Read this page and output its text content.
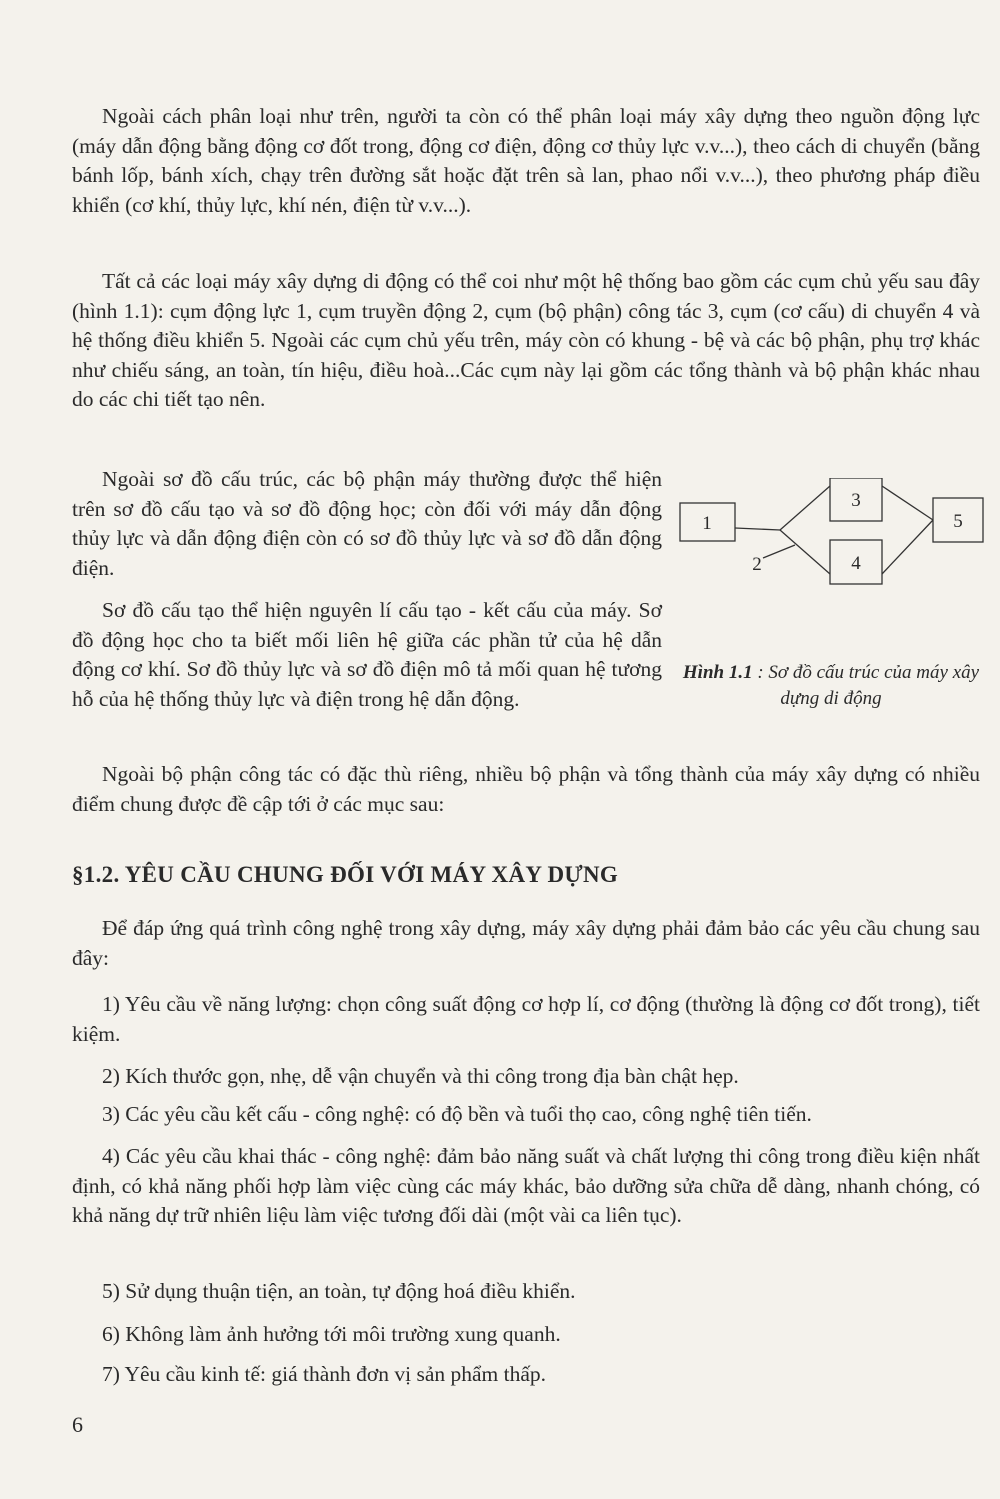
Ngoài cách phân loại như trên, người ta còn có thể phân loại máy xây dựng theo nguồn động lực (máy dẫn động bằng động cơ đốt trong, động cơ điện, động cơ thủy lực v.v...), theo cách di chuyển (bằng bánh lốp, bánh xích, chạy trên đường sắt hoặc đặt trên sà lan, phao nổi v.v...), theo phương pháp điều khiển (cơ khí, thủy lực, khí nén, điện từ v.v...).

Tất cả các loại máy xây dựng di động có thể coi như một hệ thống bao gồm các cụm chủ yếu sau đây (hình 1.1): cụm động lực 1, cụm truyền động 2, cụm (bộ phận) công tác 3, cụm (cơ cấu) di chuyển 4 và hệ thống điều khiển 5. Ngoài các cụm chủ yếu trên, máy còn có khung - bệ và các bộ phận, phụ trợ khác như chiếu sáng, an toàn, tín hiệu, điều hoà...Các cụm này lại gồm các tổng thành và bộ phận khác nhau do các chi tiết tạo nên.

Ngoài sơ đồ cấu trúc, các bộ phận máy thường được thể hiện trên sơ đồ cấu tạo và sơ đồ động học; còn đối với máy dẫn động thủy lực và dẫn động điện còn có sơ đồ thủy lực và sơ đồ dẫn động điện.

Sơ đồ cấu tạo thể hiện nguyên lí cấu tạo - kết cấu của máy. Sơ đồ động học cho ta biết mối liên hệ giữa các phần tử của hệ dẫn động cơ khí. Sơ đồ thủy lực và sơ đồ điện mô tả mối quan hệ tương hỗ của hệ thống thủy lực và điện trong hệ dẫn động.

1
3
4
5
2
Hình 1.1 : Sơ đồ cấu trúc của máy xây dựng di động

Ngoài bộ phận công tác có đặc thù riêng, nhiều bộ phận và tổng thành của máy xây dựng có nhiều điểm chung được đề cập tới ở các mục sau:

§1.2. YÊU CẦU CHUNG ĐỐI VỚI MÁY XÂY DỰNG

Để đáp ứng quá trình công nghệ trong xây dựng, máy xây dựng phải đảm bảo các yêu cầu chung sau đây:

1) Yêu cầu về năng lượng: chọn công suất động cơ hợp lí, cơ động (thường là động cơ đốt trong), tiết kiệm.

2) Kích thước gọn, nhẹ, dễ vận chuyển và thi công trong địa bàn chật hẹp.

3) Các yêu cầu kết cấu - công nghệ: có độ bền và tuổi thọ cao, công nghệ tiên tiến.

4) Các yêu cầu khai thác - công nghệ: đảm bảo năng suất và chất lượng thi công trong điều kiện nhất định, có khả năng phối hợp làm việc cùng các máy khác, bảo dưỡng sửa chữa dễ dàng, nhanh chóng, có khả năng dự trữ nhiên liệu làm việc tương đối dài (một vài ca liên tục).

5) Sử dụng thuận tiện, an toàn, tự động hoá điều khiển.

6) Không làm ảnh hưởng tới môi trường xung quanh.

7) Yêu cầu kinh tế: giá thành đơn vị sản phẩm thấp.

6
